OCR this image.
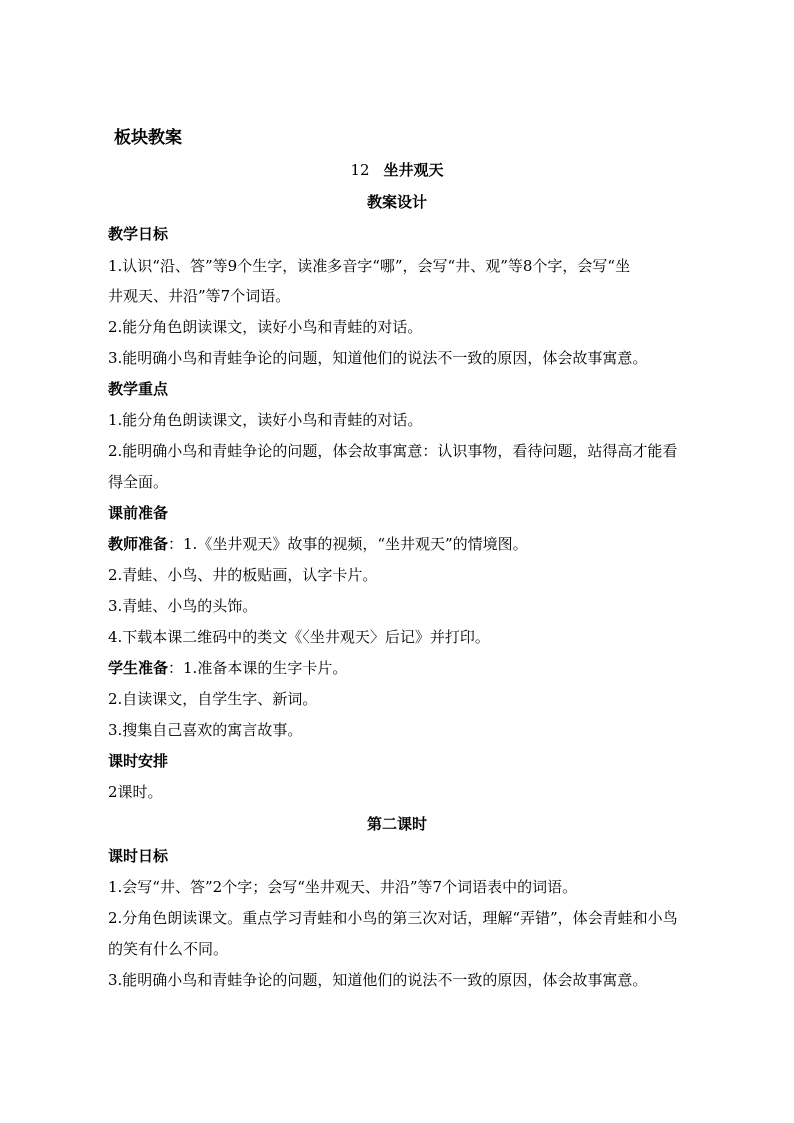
板块教案
12 坐井观天
教案设计
教学日标
1.认识“沿、答”等9个生字，读准多音字“哪”，会写“井、观”等8个字，会写“坐
井观天、井沿”等7个词语。
2.能分角色朗读课文，读好小鸟和青蛙的对话。
3.能明确小鸟和青蛙争论的问题，知道他们的说法不一致的原因，体会故事寓意。
教学重点
1.能分角色朗读课文，读好小鸟和青蛙的对话。
2.能明确小鸟和青蛙争论的问题，体会故事寓意：认识事物，看待问题，站得高才能看
得全面。
课前准备
教师准备：1.《坐井观天》故事的视频，“坐井观天”的情境图。
2.青蛙、小鸟、井的板贴画，认字卡片。
3.青蛙、小鸟的头饰。
4.下载本课二维码中的类文《〈坐井观天〉后记》并打印。
学生准备：1.准备本课的生字卡片。
2.自读课文，自学生字、新词。
3.搜集自己喜欢的寓言故事。
课时安排
2课时。
第二课时
课时日标
1.会写“井、答”2个字；会写“坐井观天、井沿”等7个词语表中的词语。
2.分角色朗读课文。重点学习青蛙和小鸟的第三次对话，理解“弄错”，体会青蛙和小鸟
的笑有什么不同。
3.能明确小鸟和青蛙争论的问题，知道他们的说法不一致的原因，体会故事寓意。
